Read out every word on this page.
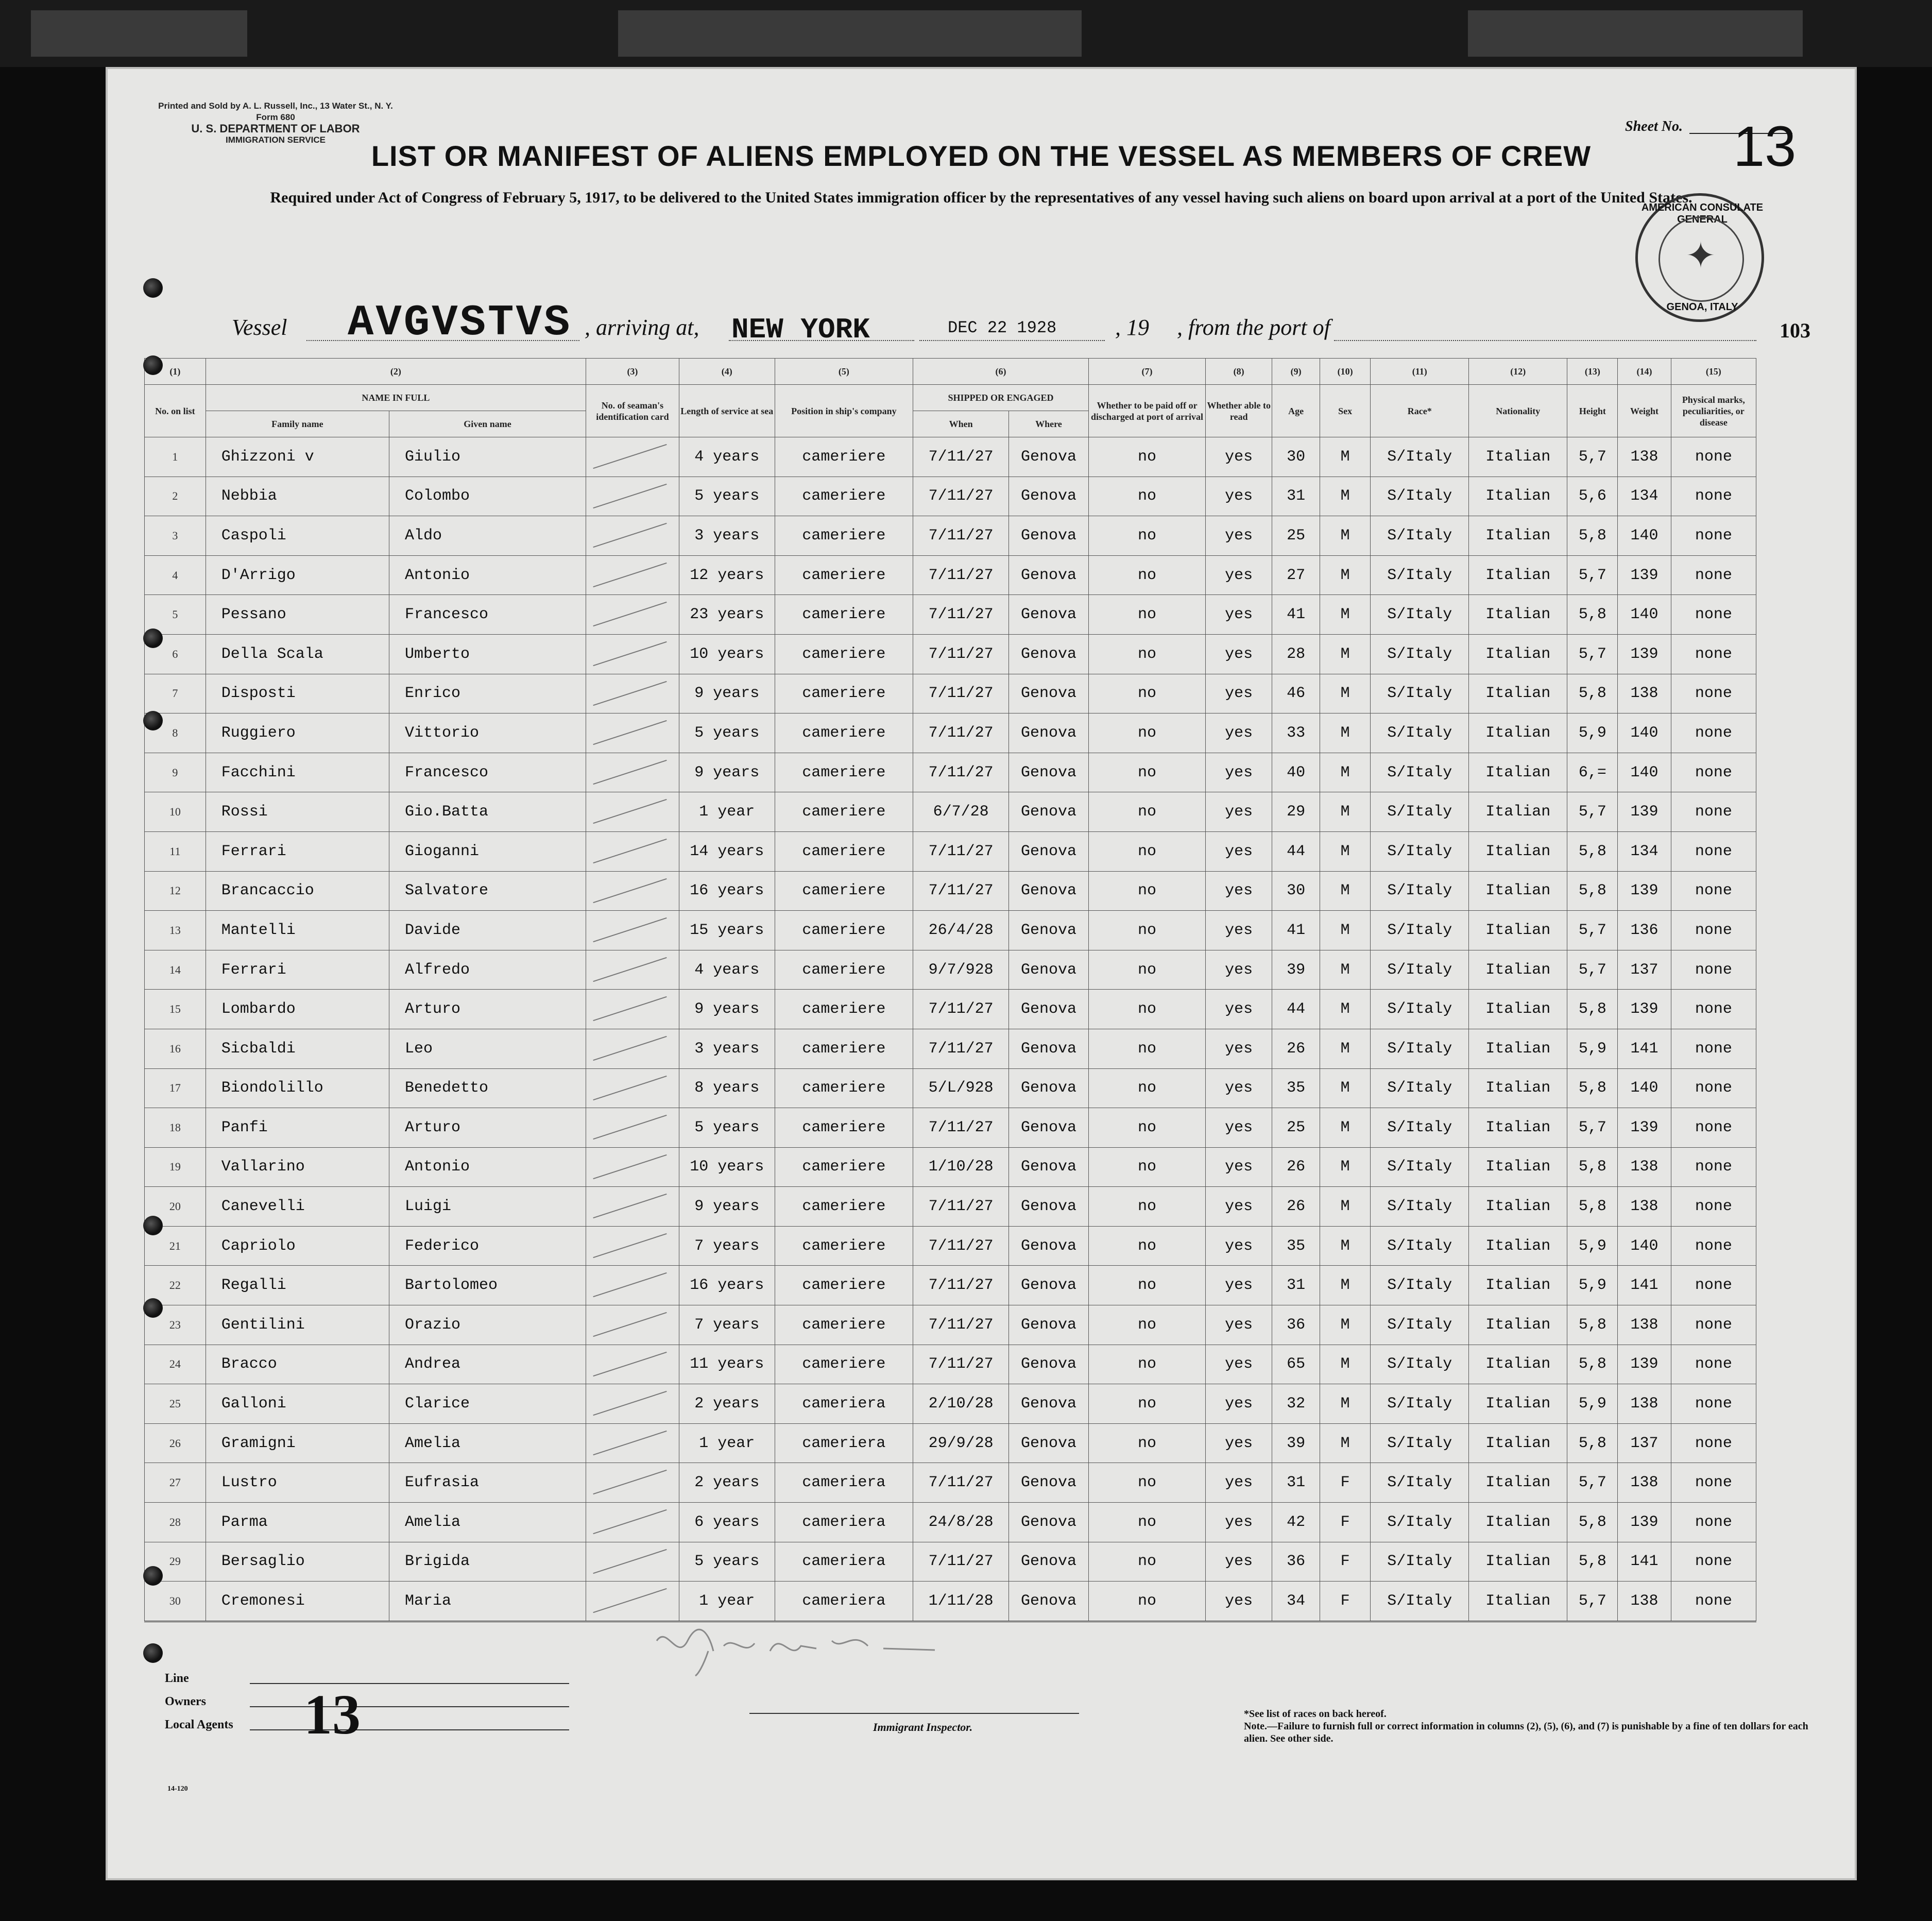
Printed and Sold by A. L. Russell, Inc., 13 Water St., N. Y.
Form 680
U. S. DEPARTMENT OF LABOR
IMMIGRATION SERVICE
Sheet No. 13
LIST OR MANIFEST OF ALIENS EMPLOYED ON THE VESSEL AS MEMBERS OF CREW
Required under Act of Congress of February 5, 1917, to be delivered to the United States immigration officer by the representatives of any vessel having such aliens on board upon arrival at a port of the United States.
AMERICAN CONSULATE GENERAL
✦
GENOA, ITALY
Vessel AVGVSTVS , arriving at, NEW YORK	DEC 22 1928	, 19 , from the port of	103
(1)	(2)		(3)	(4)	(5)	(6)		(7)	(8)	(9)	(10)	(11)	(12)	(13)	(14)	(15)
No. on list	NAME IN FULL		No. of seaman's identification card	Length of service at sea	Position in ship's company	SHIPPED OR ENGAGED		Whether to be paid off or discharged at port of arrival	Whether able to read	Age	Sex	Race*	Nationality	Height	Weight	Physical marks, peculiarities, or disease
	Family name	Given name				When	Where									
1	Ghizzoni v	Giulio		4 years	cameriere	7/11/27	Genova	no	yes	30	M	S/Italy	Italian	5,7	138	none
2	Nebbia	Colombo		5 years	cameriere	7/11/27	Genova	no	yes	31	M	S/Italy	Italian	5,6	134	none
3	Caspoli	Aldo		3 years	cameriere	7/11/27	Genova	no	yes	25	M	S/Italy	Italian	5,8	140	none
4	D'Arrigo	Antonio		12 years	cameriere	7/11/27	Genova	no	yes	27	M	S/Italy	Italian	5,7	139	none
5	Pessano	Francesco		23 years	cameriere	7/11/27	Genova	no	yes	41	M	S/Italy	Italian	5,8	140	none
6	Della Scala	Umberto		10 years	cameriere	7/11/27	Genova	no	yes	28	M	S/Italy	Italian	5,7	139	none
7	Disposti	Enrico		9 years	cameriere	7/11/27	Genova	no	yes	46	M	S/Italy	Italian	5,8	138	none
8	Ruggiero	Vittorio		5 years	cameriere	7/11/27	Genova	no	yes	33	M	S/Italy	Italian	5,9	140	none
9	Facchini	Francesco		9 years	cameriere	7/11/27	Genova	no	yes	40	M	S/Italy	Italian	6,=	140	none
10	Rossi	Gio.Batta		1 year	cameriere	6/7/28	Genova	no	yes	29	M	S/Italy	Italian	5,7	139	none
11	Ferrari	Gioganni		14 years	cameriere	7/11/27	Genova	no	yes	44	M	S/Italy	Italian	5,8	134	none
12	Brancaccio	Salvatore		16 years	cameriere	7/11/27	Genova	no	yes	30	M	S/Italy	Italian	5,8	139	none
13	Mantelli	Davide		15 years	cameriere	26/4/28	Genova	no	yes	41	M	S/Italy	Italian	5,7	136	none
14	Ferrari	Alfredo		4 years	cameriere	9/7/928	Genova	no	yes	39	M	S/Italy	Italian	5,7	137	none
15	Lombardo	Arturo		9 years	cameriere	7/11/27	Genova	no	yes	44	M	S/Italy	Italian	5,8	139	none
16	Sicbaldi	Leo		3 years	cameriere	7/11/27	Genova	no	yes	26	M	S/Italy	Italian	5,9	141	none
17	Biondolillo	Benedetto		8 years	cameriere	5/L/928	Genova	no	yes	35	M	S/Italy	Italian	5,8	140	none
18	Panfi	Arturo		5 years	cameriere	7/11/27	Genova	no	yes	25	M	S/Italy	Italian	5,7	139	none
19	Vallarino	Antonio		10 years	cameriere	1/10/28	Genova	no	yes	26	M	S/Italy	Italian	5,8	138	none
20	Canevelli	Luigi		9 years	cameriere	7/11/27	Genova	no	yes	26	M	S/Italy	Italian	5,8	138	none
21	Capriolo	Federico		7 years	cameriere	7/11/27	Genova	no	yes	35	M	S/Italy	Italian	5,9	140	none
22	Regalli	Bartolomeo		16 years	cameriere	7/11/27	Genova	no	yes	31	M	S/Italy	Italian	5,9	141	none
23	Gentilini	Orazio		7 years	cameriere	7/11/27	Genova	no	yes	36	M	S/Italy	Italian	5,8	138	none
24	Bracco	Andrea		11 years	cameriere	7/11/27	Genova	no	yes	65	M	S/Italy	Italian	5,8	139	none
25	Galloni	Clarice		2 years	cameriera	2/10/28	Genova	no	yes	32	M	S/Italy	Italian	5,9	138	none
26	Gramigni	Amelia		1 year	cameriera	29/9/28	Genova	no	yes	39	M	S/Italy	Italian	5,8	137	none
27	Lustro	Eufrasia		2 years	cameriera	7/11/27	Genova	no	yes	31	F	S/Italy	Italian	5,7	138	none
28	Parma	Amelia		6 years	cameriera	24/8/28	Genova	no	yes	42	F	S/Italy	Italian	5,8	139	none
29	Bersaglio	Brigida		5 years	cameriera	7/11/27	Genova	no	yes	36	F	S/Italy	Italian	5,8	141	none
30	Cremonesi	Maria		1 year	cameriera	1/11/28	Genova	no	yes	34	F	S/Italy	Italian	5,7	138	none
Line
Owners
Local Agents 13	Immigrant Inspector.
*See list of races on back hereof.
Note.—Failure to furnish full or correct information in columns (2), (5), (6), and (7) is punishable by a fine of ten dollars for each alien. See other side.
14-120
